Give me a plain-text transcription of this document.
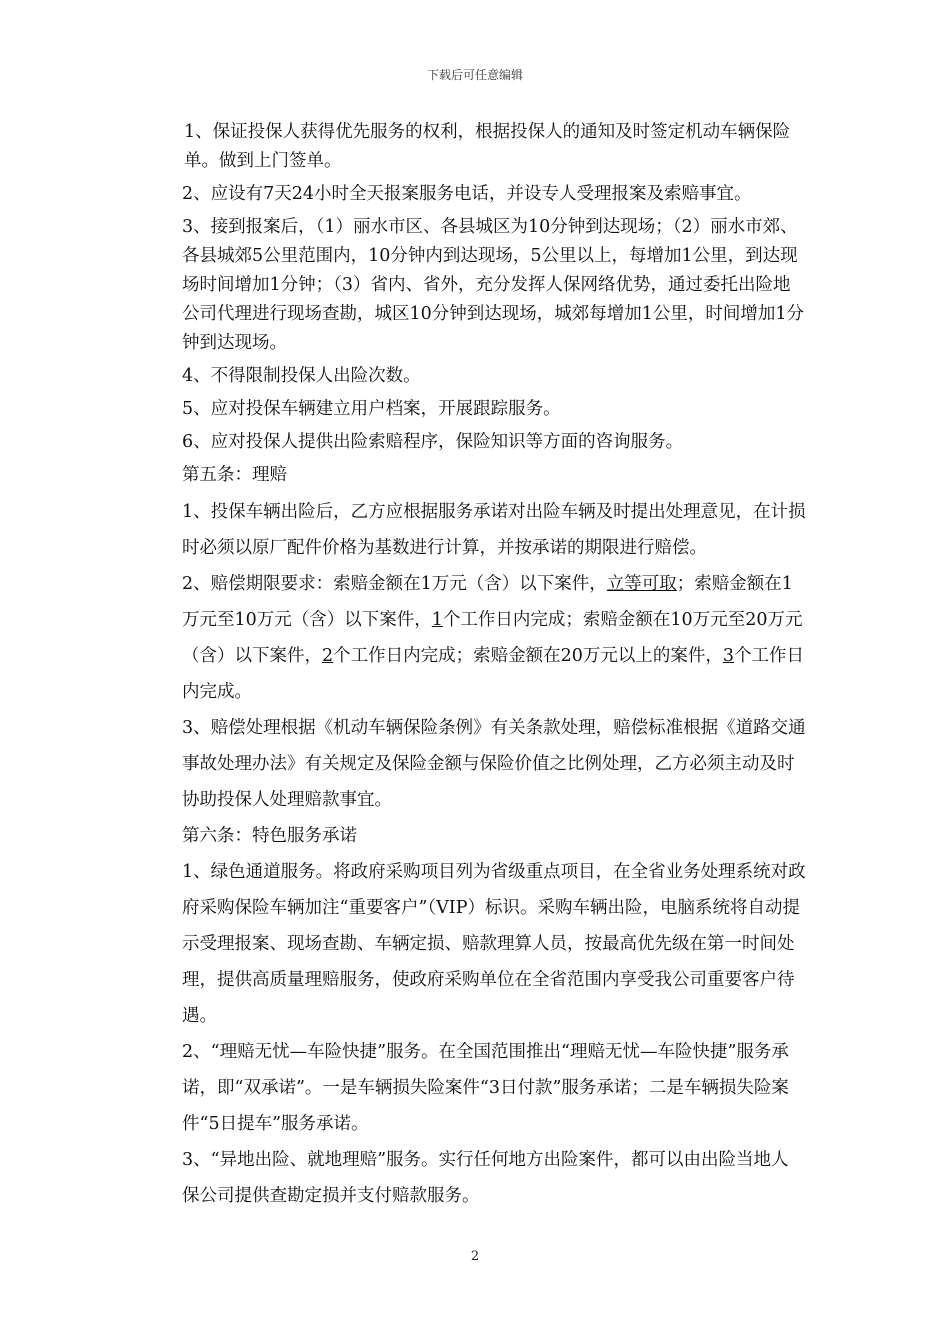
下载后可任意编辑

1、保证投保人获得优先服务的权利，根据投保人的通知及时签定机动车辆保险单。做到上门签单。

2、应设有7天24小时全天报案服务电话，并设专人受理报案及索赔事宜。

3、接到报案后，（1）丽水市区、各县城区为10分钟到达现场；（2）丽水市郊、各县城郊5公里范围内，10分钟内到达现场，5公里以上，每增加1公里，到达现场时间增加1分钟；（3）省内、省外，充分发挥人保网络优势，通过委托出险地公司代理进行现场查勘，城区10分钟到达现场，城郊每增加1公里，时间增加1分钟到达现场。

4、不得限制投保人出险次数。

5、应对投保车辆建立用户档案，开展跟踪服务。

6、应对投保人提供出险索赔程序，保险知识等方面的咨询服务。

第五条：理赔

1、投保车辆出险后，乙方应根据服务承诺对出险车辆及时提出处理意见，在计损时必须以原厂配件价格为基数进行计算，并按承诺的期限进行赔偿。

2、赔偿期限要求：索赔金额在1万元（含）以下案件，立等可取；索赔金额在1万元至10万元（含）以下案件，1个工作日内完成；索赔金额在10万元至20万元（含）以下案件，2个工作日内完成；索赔金额在20万元以上的案件，3个工作日内完成。

3、赔偿处理根据《机动车辆保险条例》有关条款处理，赔偿标准根据《道路交通事故处理办法》有关规定及保险金额与保险价值之比例处理，乙方必须主动及时协助投保人处理赔款事宜。

第六条：特色服务承诺

1、绿色通道服务。将政府采购项目列为省级重点项目，在全省业务处理系统对政府采购保险车辆加注“重要客户”（VIP）标识。采购车辆出险，电脑系统将自动提示受理报案、现场查勘、车辆定损、赔款理算人员，按最高优先级在第一时间处理，提供高质量理赔服务，使政府采购单位在全省范围内享受我公司重要客户待遇。

2、“理赔无忧—车险快捷”服务。在全国范围推出“理赔无忧—车险快捷”服务承诺，即“双承诺”。一是车辆损失险案件“3日付款”服务承诺；二是车辆损失险案件“5日提车”服务承诺。

3、“异地出险、就地理赔”服务。实行任何地方出险案件，都可以由出险当地人保公司提供查勘定损并支付赔款服务。

2
